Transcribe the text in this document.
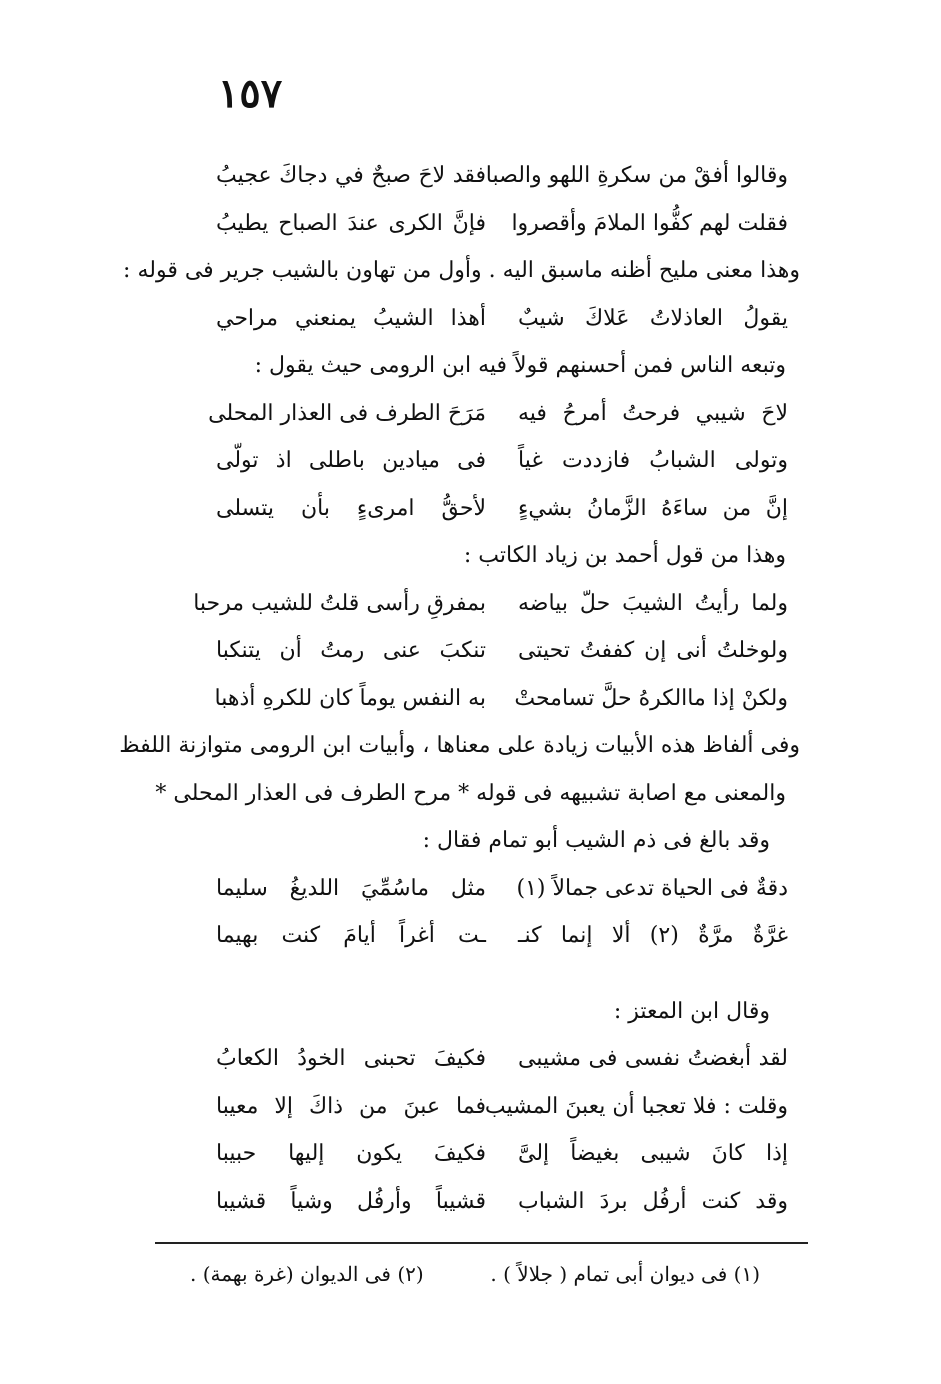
١٥٧
وقالوا أفقْ من سكرةِ اللهو والصبا
فقد لاحَ صبحٌ في دجاكَ عجيبُ
فقلت لهم كفُّوا الملامَ وأقصروا
فإنَّ الكرى عندَ الصباح يطيبُ
وهذا معنى مليح أظنه ماسبق اليه . وأول من تهاون بالشيب جرير فى قوله :
يقولُ العاذلاتُ عَلاكَ شيبٌ
أهذا الشيبُ يمنعني مراحي
وتبعه الناس فمن أحسنهم قولاً فيه ابن الرومى حيث يقول :
لاحَ شيبي فرحتُ أمرحُ فيه
مَرَحَ الطرف فى العذار المحلى
وتولى الشبابُ فازددت غياً
فى ميادين باطلى اذ تولّى
إنَّ من ساءَهُ الزَّمانُ بشيءٍ
لأحقُّ امرىءٍ بأن يتسلى
وهذا من قول أحمد بن زياد الكاتب :
ولما رأيتُ الشيبَ حلّ بياضه
بمفرقِ رأسى قلتُ للشيب مرحبا
ولوخلتُ أنى إن كففتُ تحيتى
تنكبَ عنى رمتُ أن يتنكبا
ولكنْ إذا ماالكرهُ حلَّ تسامحتْ
به النفس يوماً كان للكرهِ أذهبا
وفى ألفاظ هذه الأبيات زيادة على معناها ، وأبيات ابن الرومى متوازنة اللفظ
والمعنى مع اصابة تشبيهه فى قوله * مرح الطرف فى العذار المحلى *
وقد بالغ فى ذم الشيب أبو تمام فقال :
دقةٌ فى الحياة تدعى جمالاً (١)
مثل ماسُمِّيَ اللديغُ سليما
غرَّةٌ مرَّةٌ (٢) ألا إنما كنـ
ـت أغراً أيامَ كنت بهيما
وقال ابن المعتز :
لقد أبغضتُ نفسى فى مشيبى
فكيفَ تحبنى الخودُ الكعابُ
وقلت : فلا تعجبا أن يعبنَ المشيب
فما عبنَ من ذاكَ إلا معيبا
إذا كانَ شيبى بغيضاً إلىَّ
فكيفَ يكون إليها حبيبا
وقد كنت أرفُل بردَ الشباب
قشيباً وأرفُل وشياً قشيبا
(١) فى ديوان أبى تمام ( جلالاً ) .
(٢) فى الديوان (غرة بهمة) .
